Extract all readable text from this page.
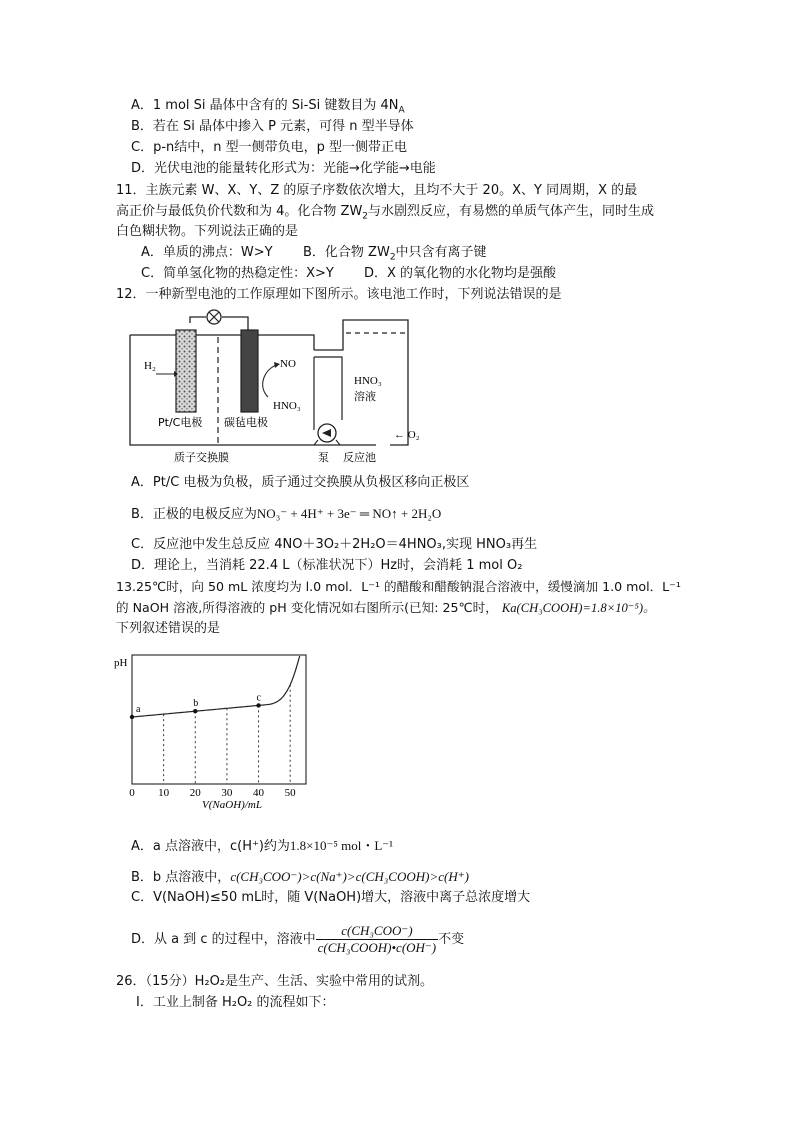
A．1 mol Si 晶体中含有的 Si-Si 键数目为 $4N_A$
B．若在 Si 晶体中掺入 P 元素，可得 n 型半导体
C．p-n结中，n 型一侧带负电，p 型一侧带正电
D．光伏电池的能量转化形式为：光能→化学能→电能
11．主族元素 W、X、Y、Z 的原子序数依次增大，且均不大于 20。X、Y 同周期，X 的最
高正价与最低负价代数和为 4。化合物 $ZW_2$与水剧烈反应，有易燃的单质气体产生，同时生成
白色糊状物。下列说法正确的是
A．单质的沸点：W>Y B．化合物 $ZW_2$中只含有离子键
C．简单氢化物的热稳定性：X>Y D．X 的氧化物的水化物均是强酸
12．一种新型电池的工作原理如下图所示。该电池工作时，下列说法错误的是
H₂	NO
HNO₃
HNO₃
溶液
← O₂
Pt/C电极 碳毡电极
质子交换膜	泵 反应池
A．Pt/C 电极为负极，质子通过交换膜从负极区移向正极区
B．正极的电极反应为NO₃⁻ + 4H⁺ + 3e⁻ ═ NO↑ + 2H₂O
C．反应池中发生总反应 4NO＋3O₂＋2H₂O＝4HNO₃,实现 HNO₃再生
D．理论上，当消耗 22.4 L（标准状况下）Hz时，会消耗 1 mol O₂
13.25℃时，向 50 mL 浓度均为 l.0 mol．L⁻¹ 的醋酸和醋酸钠混合溶液中，缓慢滴加 1.0 mol．L⁻¹
的 NaOH 溶液,所得溶液的 pH 变化情况如右图所示(已知: 25℃时， Ka(CH₃COOH)=1.8×10⁻⁵)。
下列叙述错误的是
pH
a
b
c
0 10 20 30 40 50
V(NaOH)/mL
A．a 点溶液中，c(H⁺)约为1.8×10⁻⁵ mol・L⁻¹
B．b 点溶液中，c(CH₃COO⁻)>c(Na⁺)>c(CH₃COOH)>c(H⁺)
C．V(NaOH)≤50 mL时，随 V(NaOH)增大，溶液中离子总浓度增大
D．从 a 到 c 的过程中，溶液中 $\frac{\text{c(CH₃COO⁻)}}{\text{c(CH₃COOH)•c(OH⁻)}}$ 不变
26．（15分）H₂O₂是生产、生活、实验中常用的试剂。
I．工业上制备 H₂O₂ 的流程如下：
